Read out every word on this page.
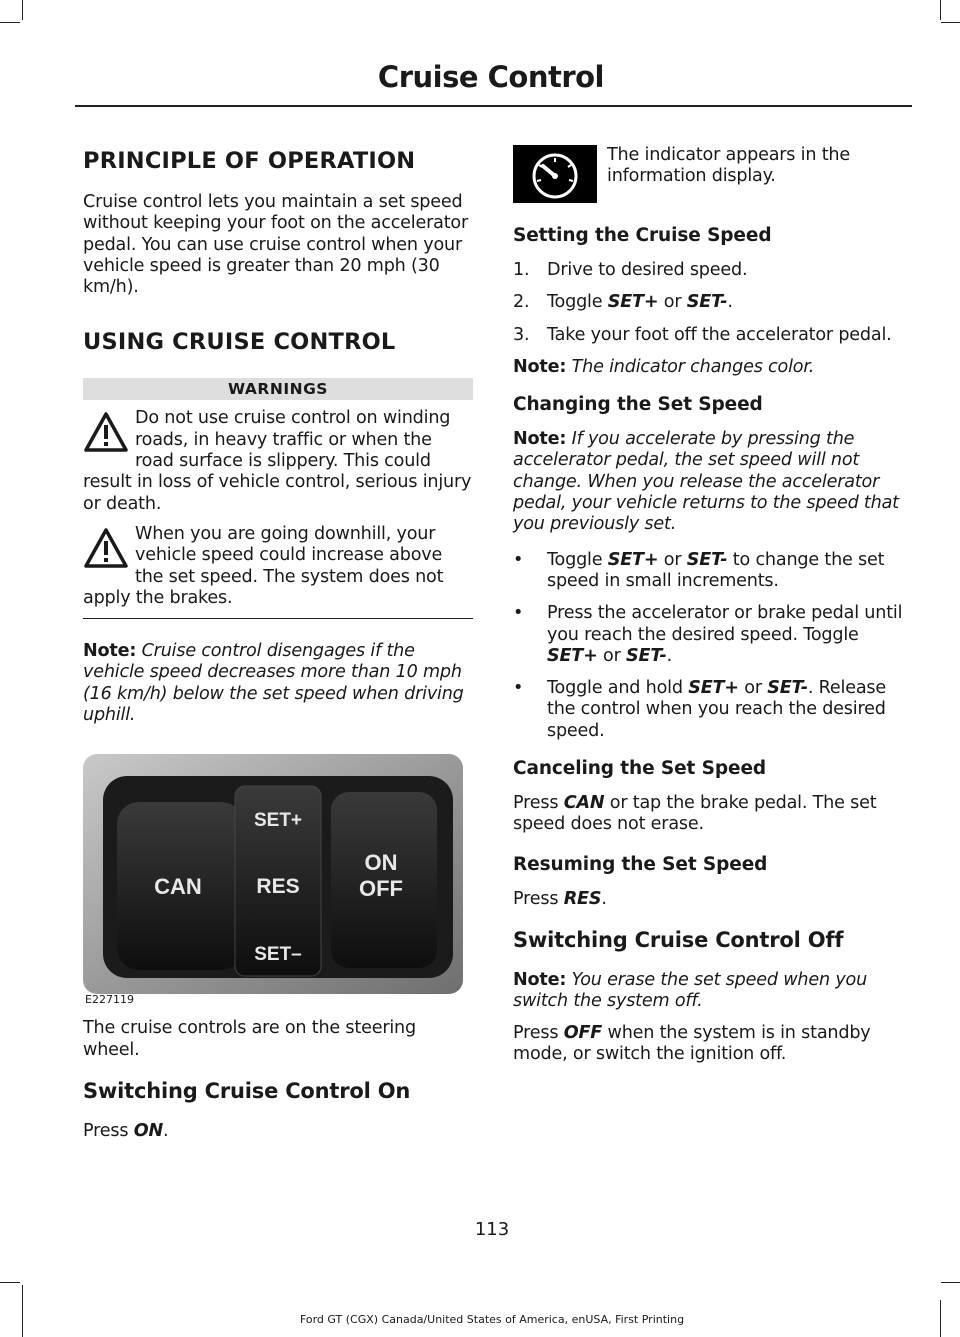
Cruise Control
PRINCIPLE OF OPERATION

Cruise control lets you maintain a set speed without keeping your foot on the accelerator pedal. You can use cruise control when your vehicle speed is greater than 20 mph (30 km/h).

USING CRUISE CONTROL
WARNINGS
Do not use cruise control on winding roads, in heavy traffic or when the road surface is slippery. This could result in loss of vehicle control, serious injury or death.
When you are going downhill, your vehicle speed could increase above the set speed. The system does not apply the brakes.

Note: Cruise control disengages if the vehicle speed decreases more than 10 mph (16 km/h) below the set speed when driving uphill.

CAN
SET+
RES
SET–
ON
OFF
E227119

The cruise controls are on the steering wheel.

Switching Cruise Control On

Press ON.

The indicator appears in the information display.

Setting the Cruise Speed
1. Drive to desired speed.
2. Toggle SET+ or SET-.
3. Take your foot off the accelerator pedal.

Note: The indicator changes color.

Changing the Set Speed

Note: If you accelerate by pressing the accelerator pedal, the set speed will not change. When you release the accelerator pedal, your vehicle returns to the speed that you previously set.

• Toggle SET+ or SET- to change the set speed in small increments.
• Press the accelerator or brake pedal until you reach the desired speed. Toggle SET+ or SET-.
• Toggle and hold SET+ or SET-. Release the control when you reach the desired speed.
Canceling the Set Speed

Press CAN or tap the brake pedal. The set speed does not erase.

Resuming the Set Speed

Press RES.

Switching Cruise Control Off

Note: You erase the set speed when you switch the system off.

Press OFF when the system is in standby mode, or switch the ignition off.

113
Ford GT (CGX) Canada/United States of America, enUSA, First Printing
